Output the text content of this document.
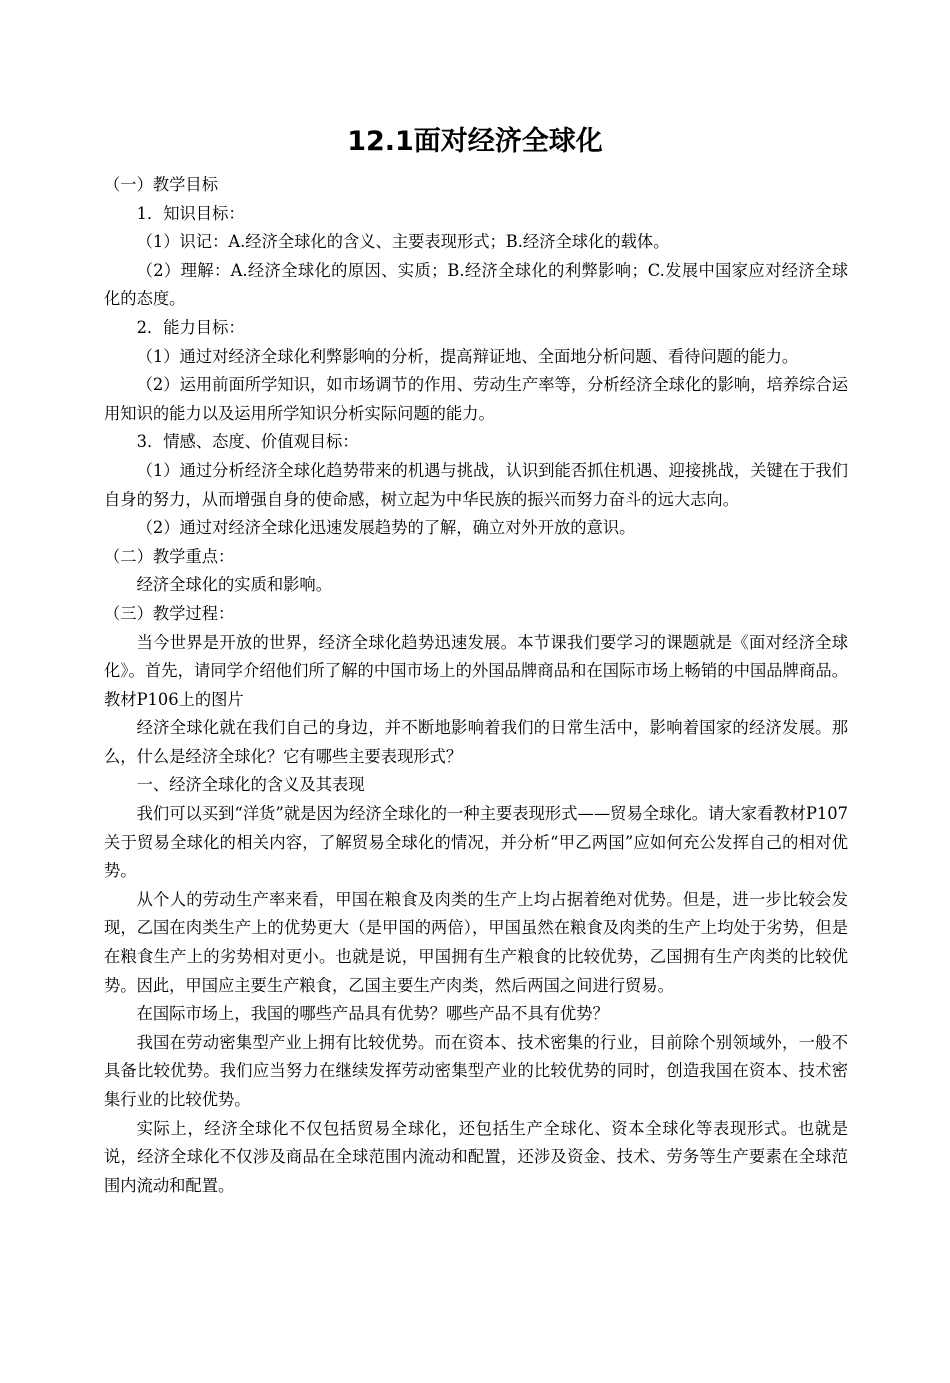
12.1面对经济全球化

（一）教学目标

1．知识目标：

（1）识记：A.经济全球化的含义、主要表现形式；B.经济全球化的载体。

（2）理解：A.经济全球化的原因、实质；B.经济全球化的利弊影响；C.发展中国家应对经济全球化的态度。

2．能力目标：

（1）通过对经济全球化利弊影响的分析，提高辩证地、全面地分析问题、看待问题的能力。

（2）运用前面所学知识，如市场调节的作用、劳动生产率等，分析经济全球化的影响，培养综合运用知识的能力以及运用所学知识分析实际问题的能力。

3．情感、态度、价值观目标：

（1）通过分析经济全球化趋势带来的机遇与挑战，认识到能否抓住机遇、迎接挑战，关键在于我们自身的努力，从而增强自身的使命感，树立起为中华民族的振兴而努力奋斗的远大志向。

（2）通过对经济全球化迅速发展趋势的了解，确立对外开放的意识。

（二）教学重点：

经济全球化的实质和影响。

（三）教学过程：

当今世界是开放的世界，经济全球化趋势迅速发展。本节课我们要学习的课题就是《面对经济全球化》。首先，请同学介绍他们所了解的中国市场上的外国品牌商品和在国际市场上畅销的中国品牌商品。教材P106上的图片

经济全球化就在我们自己的身边，并不断地影响着我们的日常生活中，影响着国家的经济发展。那么，什么是经济全球化？它有哪些主要表现形式？

一、经济全球化的含义及其表现

我们可以买到“洋货”就是因为经济全球化的一种主要表现形式——贸易全球化。请大家看教材P107关于贸易全球化的相关内容，了解贸易全球化的情况，并分析“甲乙两国”应如何充公发挥自己的相对优势。

从个人的劳动生产率来看，甲国在粮食及肉类的生产上均占据着绝对优势。但是，进一步比较会发现，乙国在肉类生产上的优势更大（是甲国的两倍），甲国虽然在粮食及肉类的生产上均处于劣势，但是在粮食生产上的劣势相对更小。也就是说，甲国拥有生产粮食的比较优势，乙国拥有生产肉类的比较优势。因此，甲国应主要生产粮食，乙国主要生产肉类，然后两国之间进行贸易。

在国际市场上，我国的哪些产品具有优势？哪些产品不具有优势？

我国在劳动密集型产业上拥有比较优势。而在资本、技术密集的行业，目前除个别领域外，一般不具备比较优势。我们应当努力在继续发挥劳动密集型产业的比较优势的同时，创造我国在资本、技术密集行业的比较优势。

实际上，经济全球化不仅包括贸易全球化，还包括生产全球化、资本全球化等表现形式。也就是说，经济全球化不仅涉及商品在全球范围内流动和配置，还涉及资金、技术、劳务等生产要素在全球范围内流动和配置。
